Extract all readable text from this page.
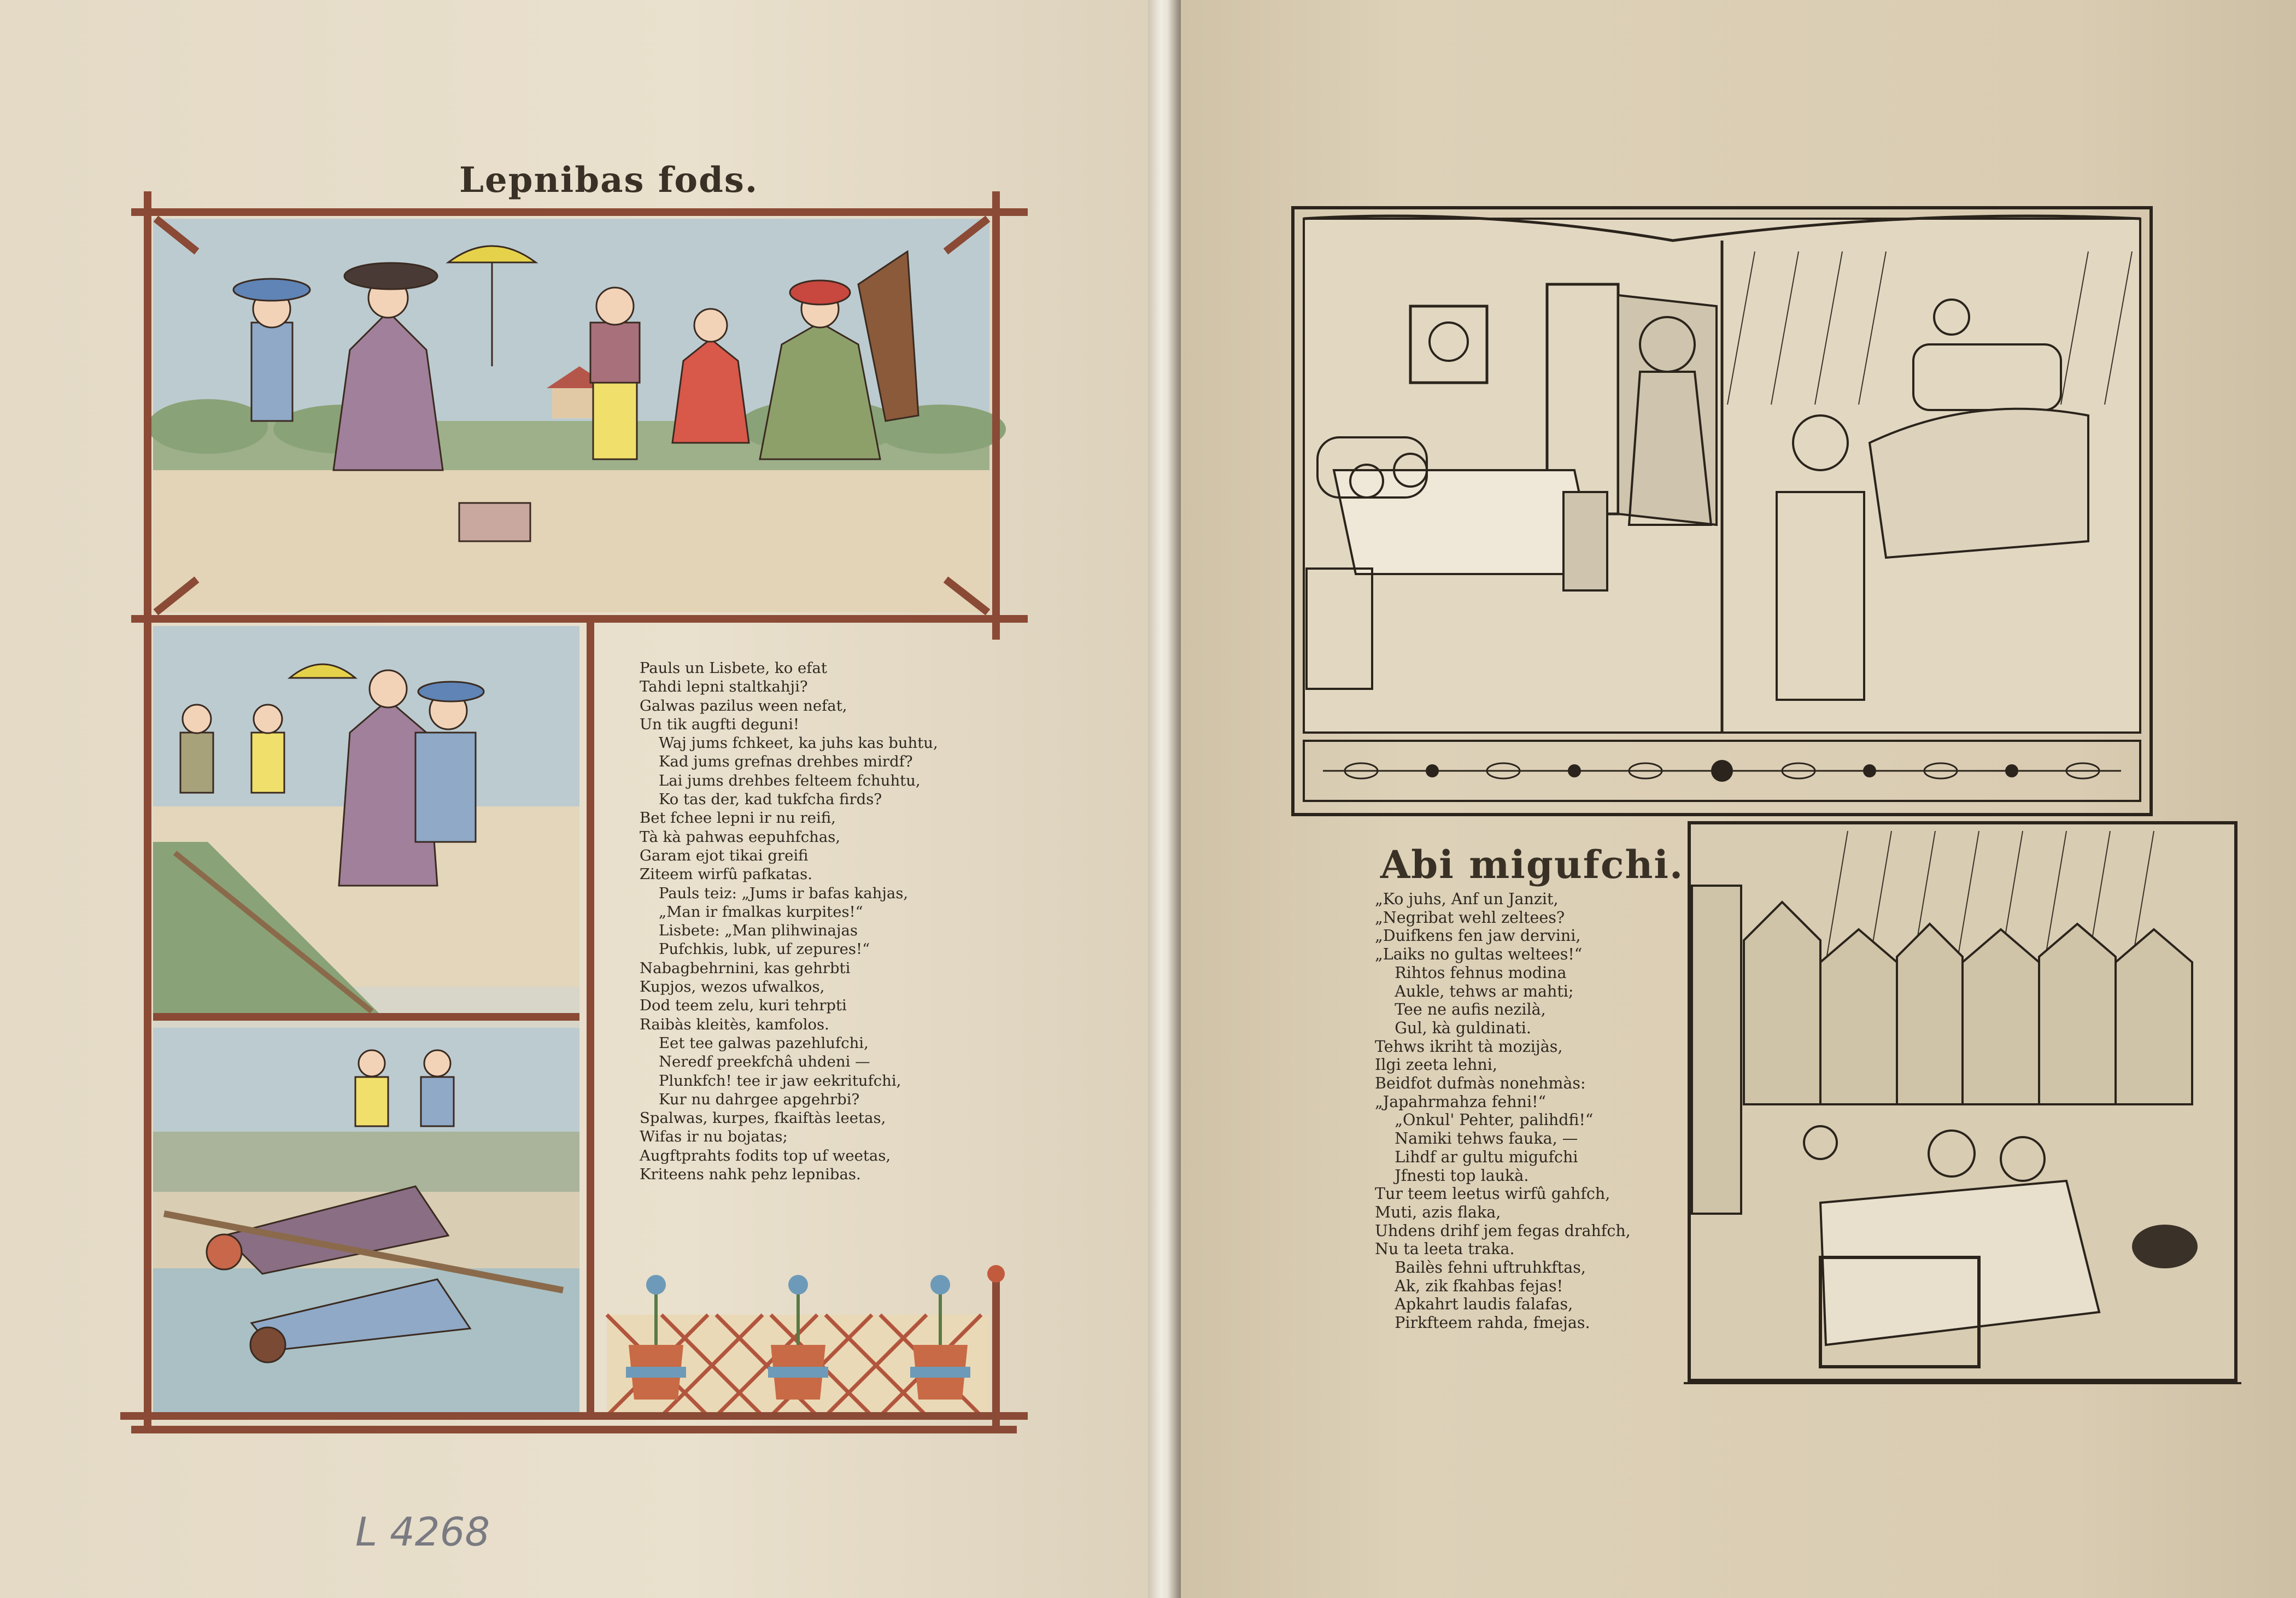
Lepnibas fods.
Pauls un Lisbete, ko efat
Tahdi lepni staltkahji?
Galwas pazilus ween nefat,
Un tik augfti deguni!
Waj jums fchkeet, ka juhs kas buhtu,
Kad jums grefnas drehbes mirdf?
Lai jums drehbes felteem fchuhtu,
Ko tas der, kad tukfcha firds?
Bet fchee lepni ir nu reifi,
Tà kà pahwas eepuhfchas,
Garam ejot tikai greifi
Ziteem wirfû pafkatas.
Pauls teiz: „Jums ir bafas kahjas,
„Man ir fmalkas kurpites!“
Lisbete: „Man plihwinajas
Pufchkis, lubk, uf zepures!“
Nabagbehrnini, kas gehrbti
Kupjos, wezos ufwalkos,
Dod teem zelu, kuri tehrpti
Raibàs kleitès, kamfolos.
Eet tee galwas pazehlufchi,
Neredf preekfchâ uhdeni —
Plunkfch! tee ir jaw eekritufchi,
Kur nu dahrgee apgehrbi?
Spalwas, kurpes, fkaiftàs leetas,
Wifas ir nu bojatas;
Augftprahts fodits top uf weetas,
Kriteens nahk pehz lepnibas.
L 4268
Abi migufchi.
„Ko juhs, Anf un Janzit,
„Negribat wehl zeltees?
„Duifkens fen jaw dervini,
„Laiks no gultas weltees!“
Rihtos fehnus modina
Aukle, tehws ar mahti;
Tee ne aufis nezilà,
Gul, kà guldinati.
Tehws ikriht tà mozijàs,
Ilgi zeeta lehni,
Beidfot dufmàs nonehmàs:
„Japahrmahza fehni!“
„Onkul' Pehter, palihdfi!“
Namiki tehws fauka, —
Lihdf ar gultu migufchi
Jfnesti top laukà.
Tur teem leetus wirfû gahfch,
Muti, azis flaka,
Uhdens drihf jem fegas drahfch,
Nu ta leeta traka.
Bailès fehni uftruhkftas,
Ak, zik fkahbas fejas!
Apkahrt laudis falafas,
Pirkfteem rahda, fmejas.
